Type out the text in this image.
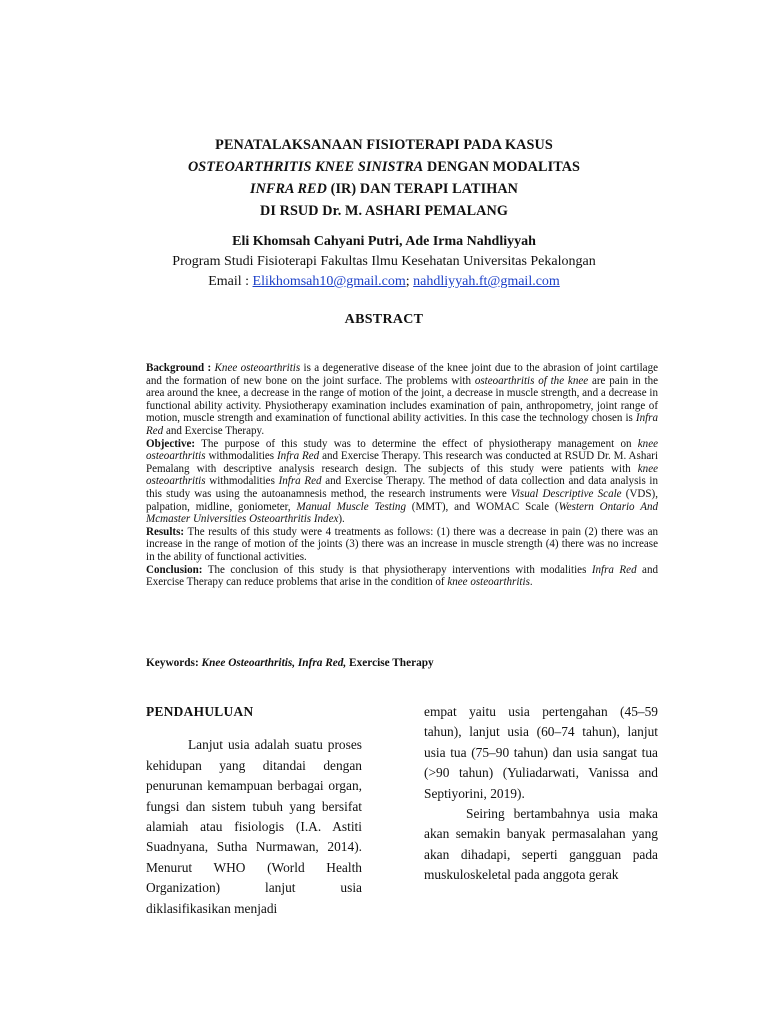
PENATALAKSANAAN FISIOTERAPI PADA KASUS
OSTEOARTHRITIS KNEE SINISTRA DENGAN MODALITAS
INFRA RED (IR) DAN TERAPI LATIHAN
DI RSUD Dr. M. ASHARI PEMALANG
Eli Khomsah Cahyani Putri, Ade Irma Nahdliyyah
Program Studi Fisioterapi Fakultas Ilmu Kesehatan Universitas Pekalongan
Email : Elikhomsah10@gmail.com; nahdliyyah.ft@gmail.com
ABSTRACT

Background : Knee osteoarthritis is a degenerative disease of the knee joint due to the abrasion of joint cartilage and the formation of new bone on the joint surface. The problems with osteoarthritis of the knee are pain in the area around the knee, a decrease in the range of motion of the joint, a decrease in muscle strength, and a decrease in functional ability activity. Physiotherapy examination includes examination of pain, anthropometry, joint range of motion, muscle strength and examination of functional ability activities. In this case the technology chosen is Infra Red and Exercise Therapy.

Objective: The purpose of this study was to determine the effect of physiotherapy management on knee osteoarthritis withmodalities Infra Red and Exercise Therapy. This research was conducted at RSUD Dr. M. Ashari Pemalang with descriptive analysis research design. The subjects of this study were patients with knee osteoarthritis withmodalities Infra Red and Exercise Therapy. The method of data collection and data analysis in this study was using the autoanamnesis method, the research instruments were Visual Descriptive Scale (VDS), palpation, midline, goniometer, Manual Muscle Testing (MMT), and WOMAC Scale (Western Ontario And Mcmaster Universities Osteoarthritis Index).

Results: The results of this study were 4 treatments as follows: (1) there was a decrease in pain (2) there was an increase in the range of motion of the joints (3) there was an increase in muscle strength (4) there was no increase in the ability of functional activities.

Conclusion: The conclusion of this study is that physiotherapy interventions with modalities Infra Red and Exercise Therapy can reduce problems that arise in the condition of knee osteoarthritis.

Keywords: Knee Osteoarthritis, Infra Red, Exercise Therapy

PENDAHULUAN

Lanjut usia adalah suatu proses kehidupan yang ditandai dengan penurunan kemampuan berbagai organ, fungsi dan sistem tubuh yang bersifat alamiah atau fisiologis (I.A. Astiti Suadnyana, Sutha Nurmawan, 2014). Menurut WHO (World Health Organization) lanjut usia diklasifikasikan menjadi

empat yaitu usia pertengahan (45–59 tahun), lanjut usia (60–74 tahun), lanjut usia tua (75–90 tahun) dan usia sangat tua (>90 tahun) (Yuliadarwati, Vanissa and Septiyorini, 2019).

Seiring bertambahnya usia maka akan semakin banyak permasalahan yang akan dihadapi, seperti gangguan pada muskuloskeletal pada anggota gerak
